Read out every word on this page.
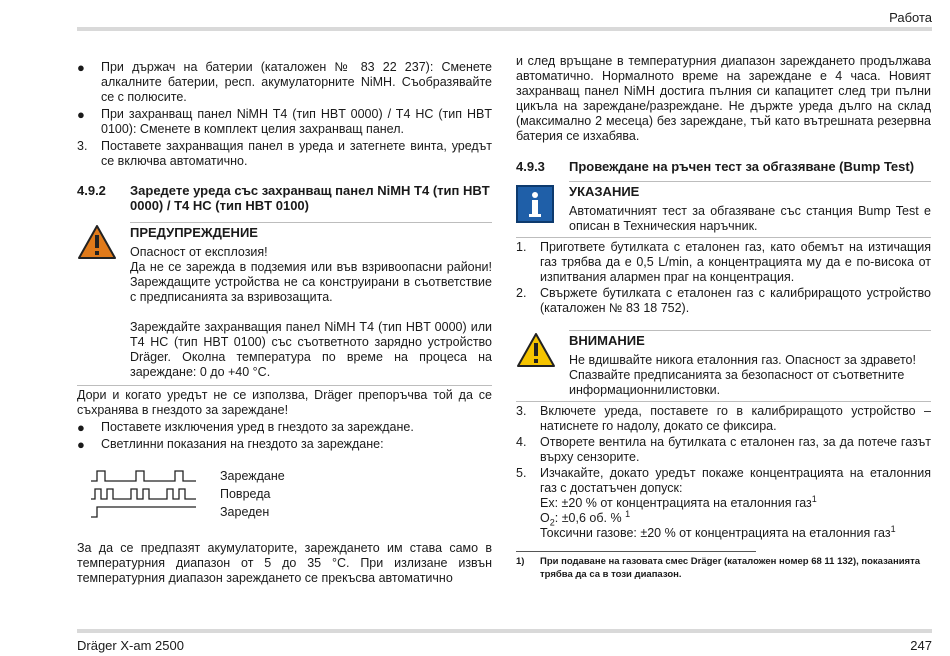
Работа
●	При държач на батерии (каталожен № 83 22 237): Сменете алкалните батерии, респ. акумулаторните NiMH. Съобразявайте се с полюсите.

●	При захранващ панел NiMH T4 (тип HBT 0000) / T4 HC (тип HBT 0100): Сменете в комплект целия захранващ панел.

3.	Поставете захранващия панел в уреда и затегнете винта, уредът се включва автоматично.

4.9.2	Заредете уреда със захранващ панел NiMH T4 (тип HBT 0000) / T4 HC (тип HBT 0100)

ПРЕДУПРЕЖДЕНИЕ

Опасност от експлозия!

Да не се зарежда в подземия или във взривоопасни райони! Зареждащите устройства не са конструирани в съответствие с предписанията за взривозащита.

Зареждайте захранващия панел NiMH T4 (тип HBT 0000) или T4 HC (тип HBT 0100) със съответното зарядно устройство Dräger. Околна температура по време на процеса на зареждане: 0 до +40 °C.

Дори и когато уредът не се използва, Dräger препоръчва той да се съхранява в гнездото за зареждане!

●	Поставете изключения уред в гнездото за зареждане.

●	Светлинни показания на гнездото за зареждане:

Зареждане
Повреда
Зареден

За да се предпазят акумулаторите, зареждането им става само в температурния диапазон от 5 до 35 °C. При излизане извън температурния диапазон зареждането се прекъсва автоматично

и след връщане в температурния диапазон зареждането продължава автоматично. Нормалното време на зареждане е 4 часа. Новият захранващ панел NiMH достига пълния си капацитет след три пълни цикъла на зареждане/разреждане. Не държте уреда дълго на склад (максимално 2 месеца) без зареждане, тъй като вътрешната резервна батерия се изхабява.

4.9.3	Провеждане на ръчен тест за обгазяване (Bump Test)

УКАЗАНИЕ

Автоматичният тест за обгазяване със станция Bump Test е описан в Техническия наръчник.

1.	Пригответе бутилката с еталонен газ, като обемът на изтичащия газ трябва да е 0,5 L/min, а концентрацията му да е по-висока от изпитвания алармен праг на концентрация.

2.	Свържете бутилката с еталонен газ с калибриращото устройство (каталожен № 83 18 752).

ВНИМАНИЕ

Не вдишвайте никога еталонния газ. Опасност за здравето! Спазвайте предписанията за безопасност от съответните информационнилистовки.

3.	Включете уреда, поставете го в калибриращото устройство – натиснете го надолу, докато се фиксира.

4.	Отворете вентила на бутилката с еталонен газ, за да потече газът върху сензорите.

5.	Изчакайте, докато уредът покаже концентрацията на еталонния газ с достатъчен допуск:

Ex: ±20 % от концентрацията на еталонния газ$^1$

$O_2$: ±0,6 об. % $^1$

Токсични газове: ±20 % от концентрацията на еталонния газ$^1$

1)	При подаване на газовата смес Dräger (каталожен номер 68 11 132), показанията трябва да са в този диапазон.
Dräger X-am 2500	247
